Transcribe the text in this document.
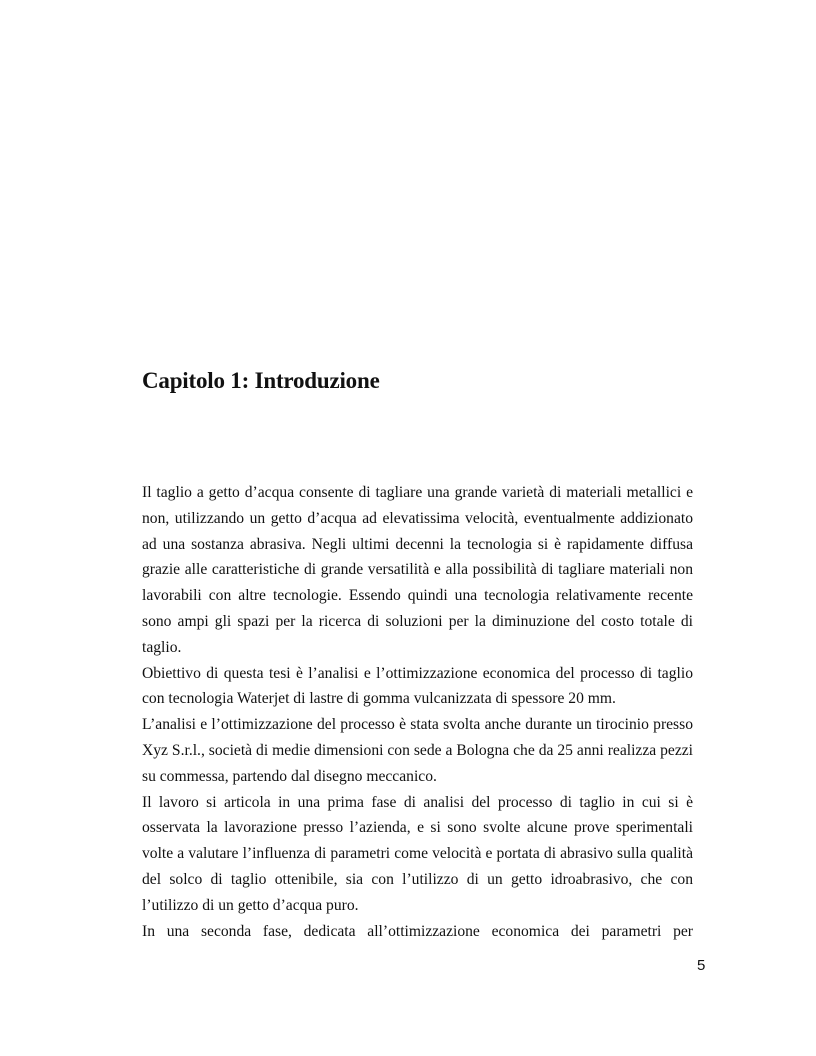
Capitolo 1: Introduzione

Il taglio a getto d’acqua consente di tagliare una grande varietà di materiali metallici e non, utilizzando un getto d’acqua ad elevatissima velocità, eventualmente addizionato ad una sostanza abrasiva. Negli ultimi decenni la tecnologia si è rapidamente diffusa grazie alle caratteristiche di grande versatilità e alla possibilità di tagliare materiali non lavorabili con altre tecnologie. Essendo quindi una tecnologia relativamente recente sono ampi gli spazi per la ricerca di soluzioni per la diminuzione del costo totale di taglio.

Obiettivo di questa tesi è l’analisi e l’ottimizzazione economica del processo di taglio con tecnologia Waterjet di lastre di gomma vulcanizzata di spessore 20 mm.

L’analisi e l’ottimizzazione del processo è stata svolta anche durante un tirocinio presso Xyz S.r.l., società di medie dimensioni con sede a Bologna che da 25 anni realizza pezzi su commessa, partendo dal disegno meccanico.

Il lavoro si articola in una prima fase di analisi del processo di taglio in cui si è osservata la lavorazione presso l’azienda, e si sono svolte alcune prove sperimentali volte a valutare l’influenza di parametri come velocità e portata di abrasivo sulla qualità del solco di taglio ottenibile, sia con l’utilizzo di un getto idroabrasivo, che con l’utilizzo di un getto d’acqua puro.

In una seconda fase, dedicata all’ottimizzazione economica dei parametri per

5
